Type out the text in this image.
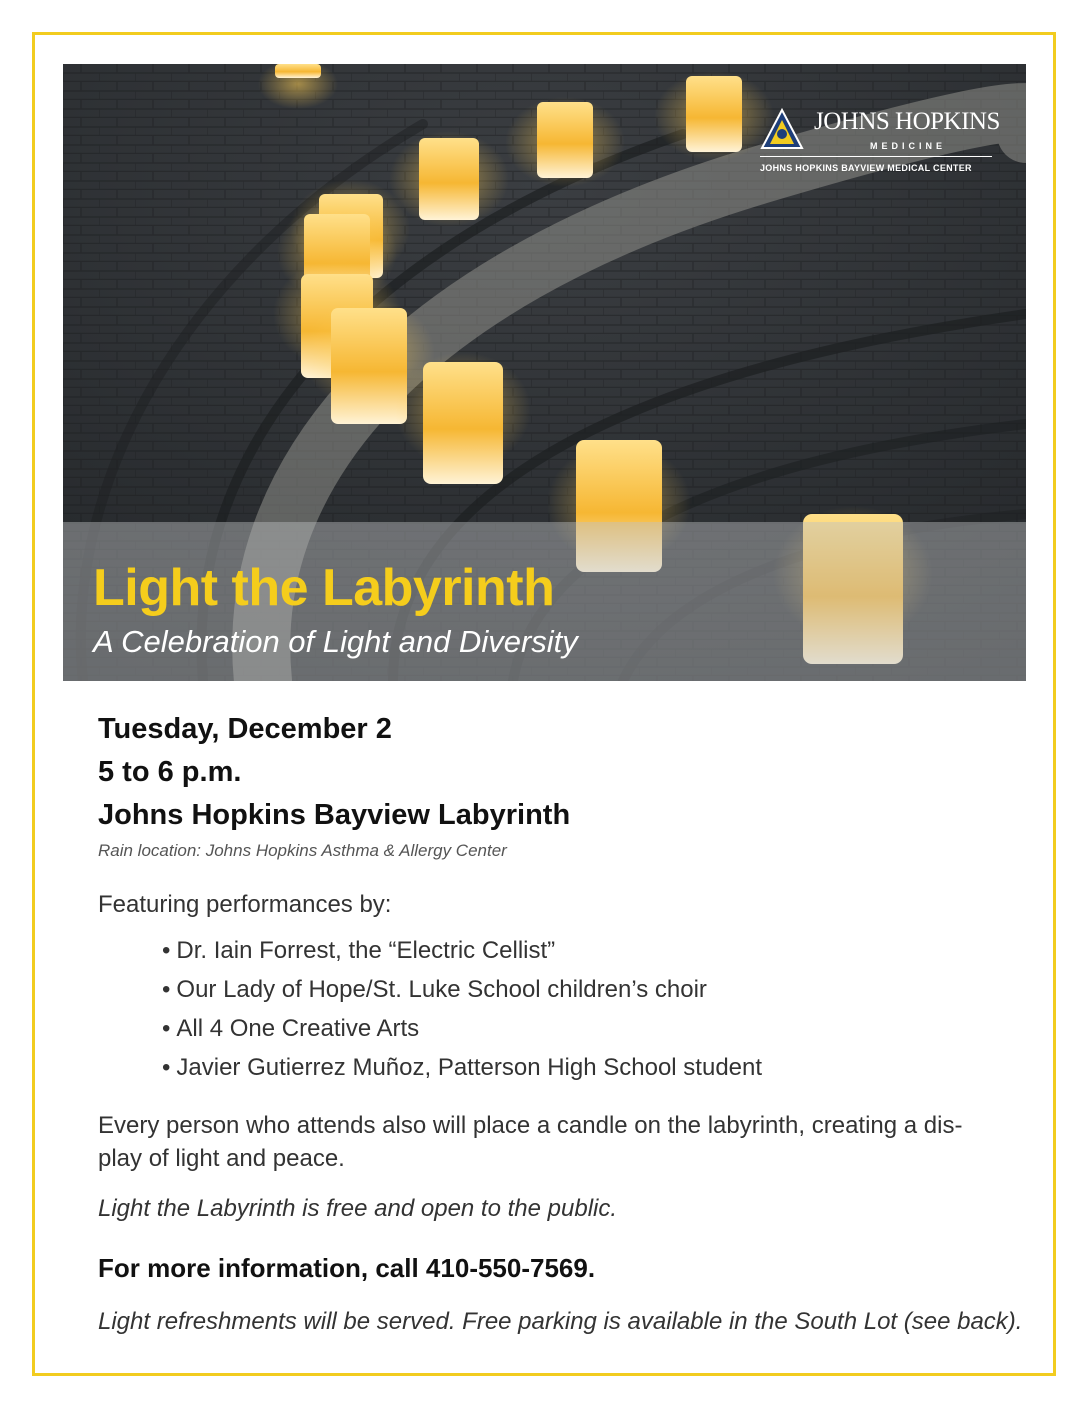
JOHNS HOPKINS
MEDICINE
JOHNS HOPKINS BAYVIEW MEDICAL CENTER
Light the Labyrinth
A Celebration of Light and Diversity

Tuesday, December 2

5 to 6 p.m.

Johns Hopkins Bayview Labyrinth

Rain location: Johns Hopkins Asthma & Allergy Center

Featuring performances by:

• Dr. Iain Forrest, the “Electric Cellist”
• Our Lady of Hope/St. Luke School children’s choir
• All 4 One Creative Arts
• Javier Gutierrez Muñoz, Patterson High School student

Every person who attends also will place a candle on the labyrinth, creating a dis-play of light and peace.

Light the Labyrinth is free and open to the public.

For more information, call 410-550-7569.

Light refreshments will be served. Free parking is available in the South Lot (see back).
